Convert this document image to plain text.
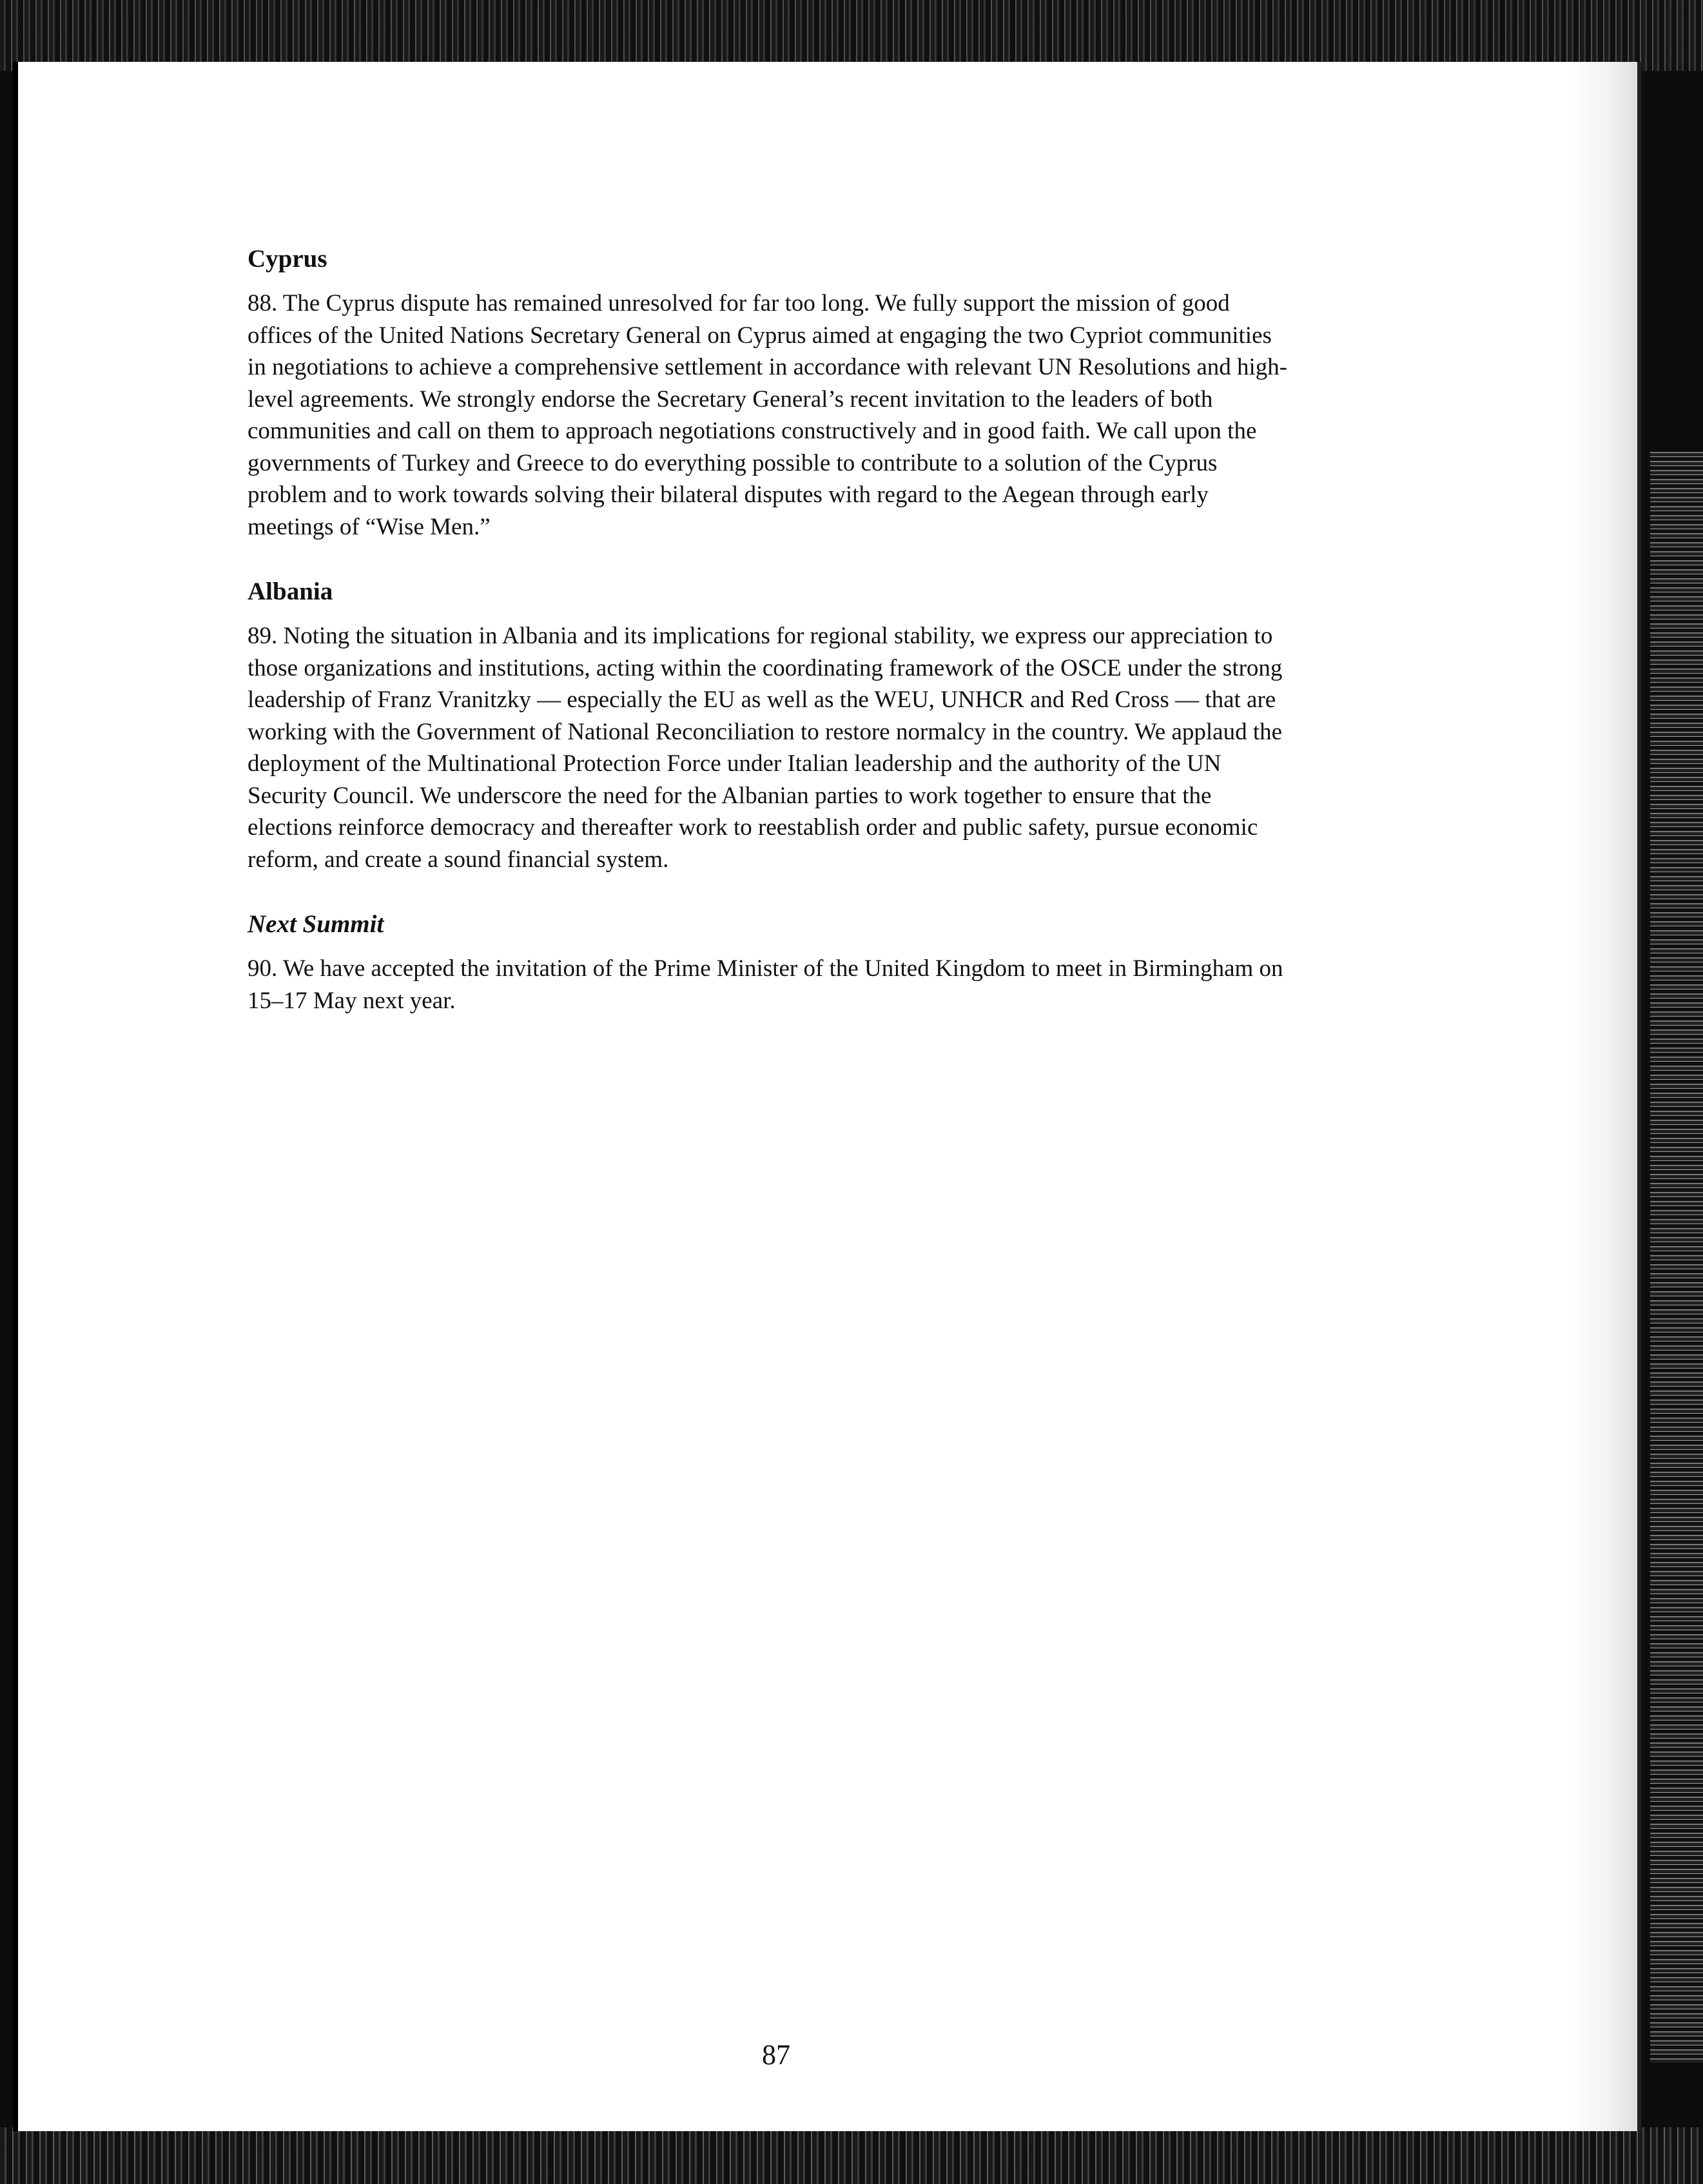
Cyprus

88. The Cyprus dispute has remained unresolved for far too long. We fully support the mission of good offices of the United Nations Secretary General on Cyprus aimed at engaging the two Cypriot communities in negotiations to achieve a comprehensive settlement in accordance with relevant UN Resolutions and high-level agreements. We strongly endorse the Secretary General’s recent invitation to the leaders of both communities and call on them to approach negotiations constructively and in good faith. We call upon the governments of Turkey and Greece to do everything possible to contribute to a solution of the Cyprus problem and to work towards solving their bilateral disputes with regard to the Aegean through early meetings of “Wise Men.”

Albania

89. Noting the situation in Albania and its implications for regional stability, we express our appreciation to those organizations and institutions, acting within the coordinating framework of the OSCE under the strong leadership of Franz Vranitzky — especially the EU as well as the WEU, UNHCR and Red Cross — that are working with the Government of National Reconciliation to restore normalcy in the country. We applaud the deployment of the Multinational Protection Force under Italian leadership and the authority of the UN Security Council. We underscore the need for the Albanian parties to work together to ensure that the elections reinforce democracy and thereafter work to reestablish order and public safety, pursue economic reform, and create a sound financial system.

Next Summit

90. We have accepted the invitation of the Prime Minister of the United Kingdom to meet in Birmingham on 15–17 May next year.

87
